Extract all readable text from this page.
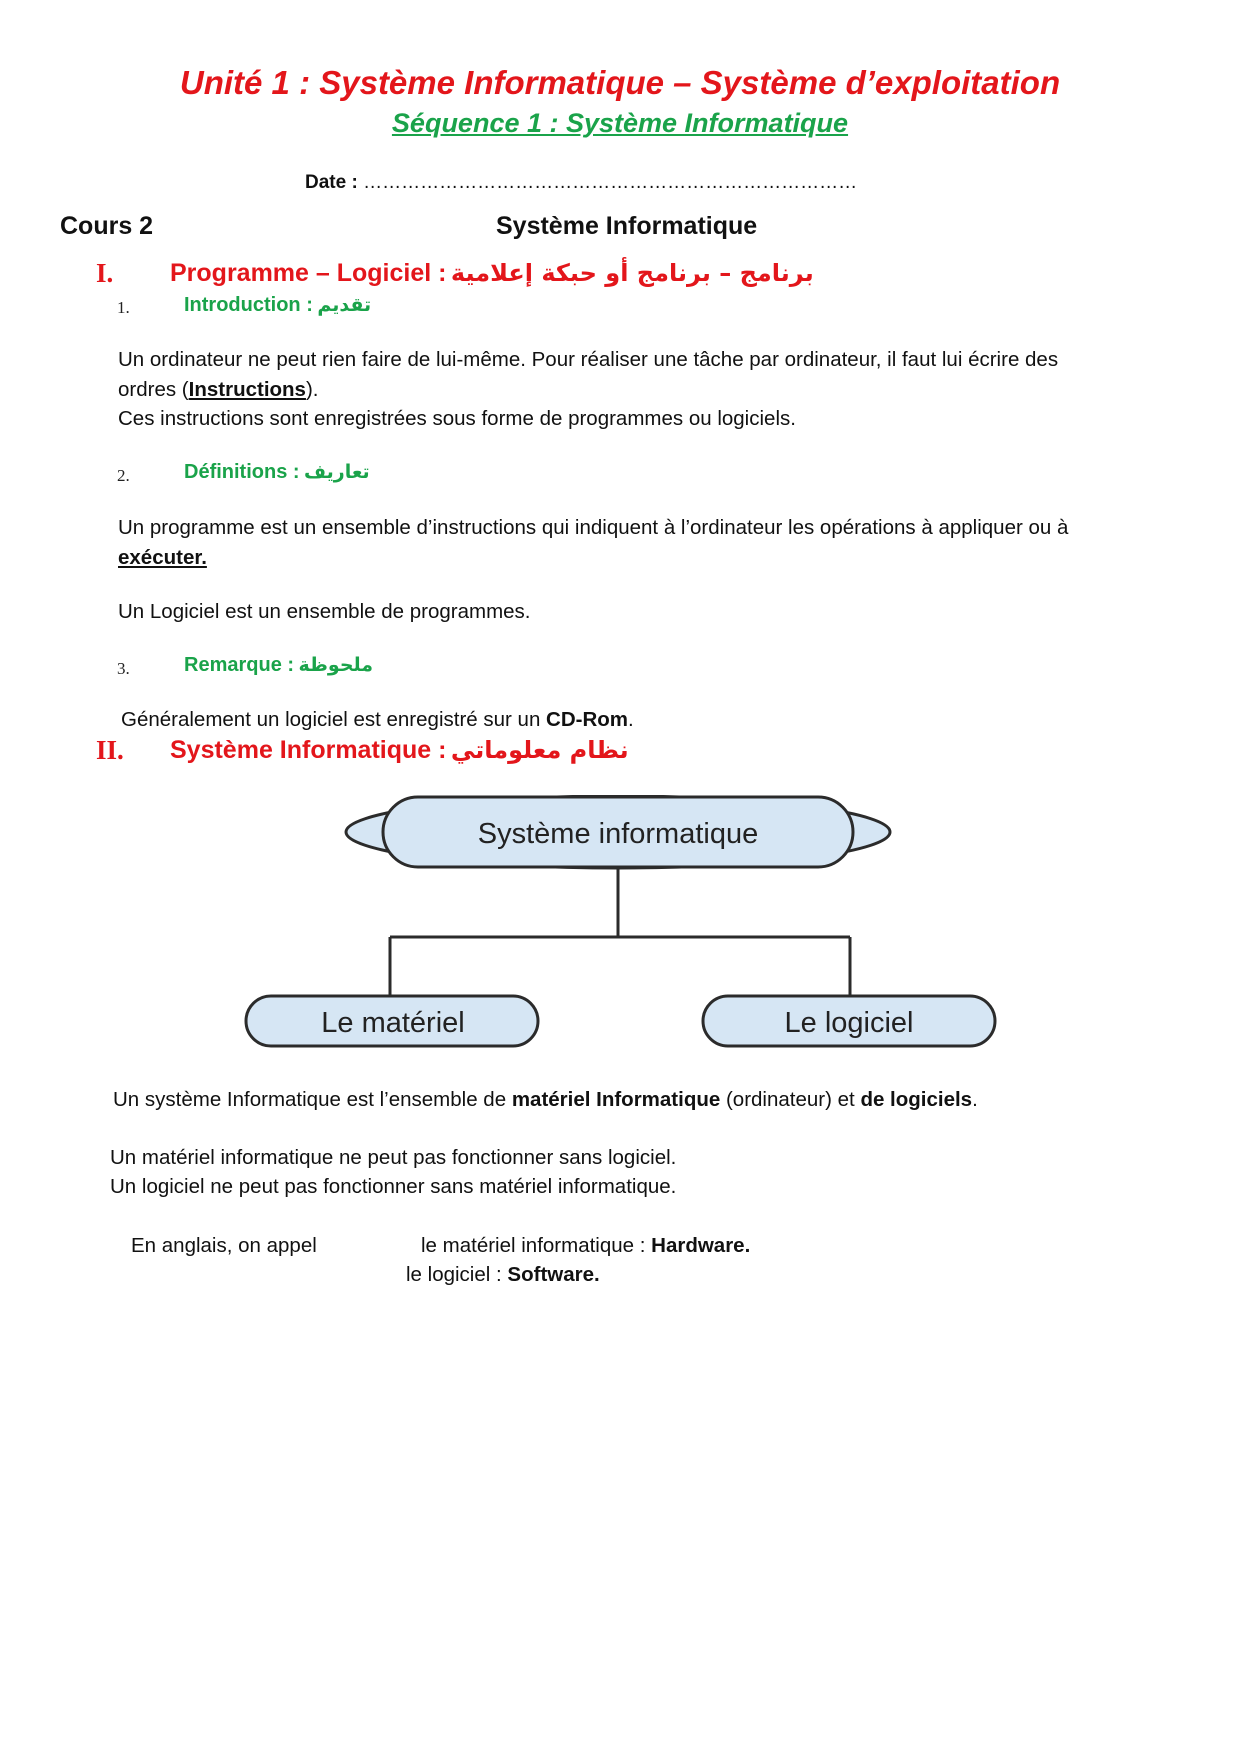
Unité 1 : Système Informatique – Système d’exploitation
Séquence 1 : Système Informatique
Date : ……………………………………………………………………
Cours 2	Système Informatique
I. Programme – Logiciel : برنامج – برنامج أو حبكة إعلامية
1.	Introduction : تقديم
Un ordinateur ne peut rien faire de lui-même. Pour réaliser une tâche par ordinateur, il faut lui écrire des
ordres (Instructions).
Ces instructions sont enregistrées sous forme de programmes ou logiciels.
2.	Définitions : تعاريف
Un programme est un ensemble d’instructions qui indiquent à l’ordinateur les opérations à appliquer ou à
exécuter.
Un Logiciel est un ensemble de programmes.
3.	Remarque : ملحوظة
Généralement un logiciel est enregistré sur un CD-Rom.
II. Système Informatique : نظام معلوماتي
Système informatique
Le matériel	Le logiciel
Un système Informatique est l’ensemble de matériel Informatique (ordinateur) et de logiciels.
Un matériel informatique ne peut pas fonctionner sans logiciel.
Un logiciel ne peut pas fonctionner sans matériel informatique.
En anglais, on appel	le matériel informatique : Hardware.
le logiciel : Software.
